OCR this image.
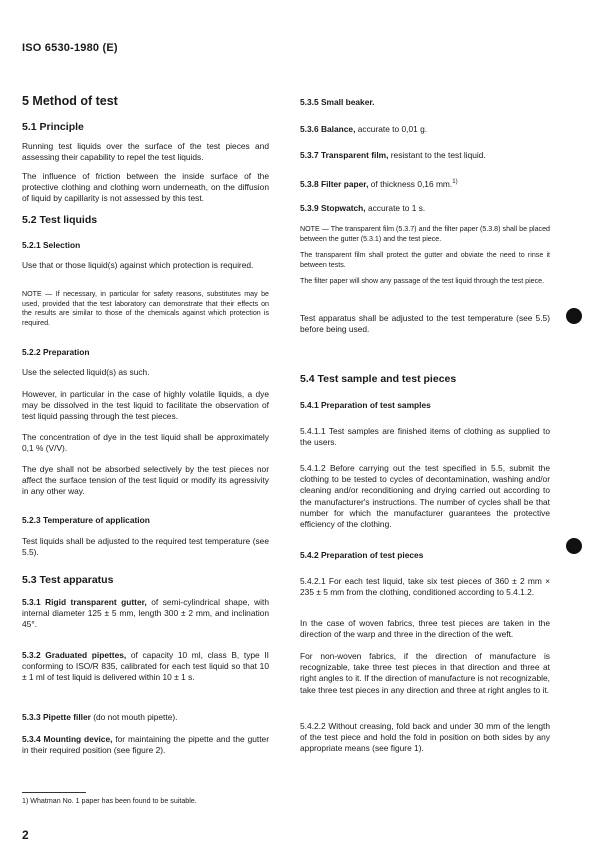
ISO 6530-1980 (E)
5 Method of test
5.1 Principle
Running test liquids over the surface of the test pieces and assessing their capability to repel the test liquids.
The influence of friction between the inside surface of the protective clothing and clothing worn underneath, on the diffusion of liquid by capillarity is not assessed by this test.
5.2 Test liquids
5.2.1 Selection
Use that or those liquid(s) against which protection is required.
NOTE — If necessary, in particular for safety reasons, substitutes may be used, provided that the test laboratory can demonstrate that their effects on the results are similar to those of the chemicals against which protection is required.
5.2.2 Preparation
Use the selected liquid(s) as such.
However, in particular in the case of highly volatile liquids, a dye may be dissolved in the test liquid to facilitate the observation of test liquid passing through the test pieces.
The concentration of dye in the test liquid shall be approximately 0,1 % (V/V).
The dye shall not be absorbed selectively by the test pieces nor affect the surface tension of the test liquid or modify its agressivity in any other way.
5.2.3 Temperature of application
Test liquids shall be adjusted to the required test temperature (see 5.5).
5.3 Test apparatus
5.3.1 Rigid transparent gutter, of semi-cylindrical shape, with internal diameter 125 ± 5 mm, length 300 ± 2 mm, and inclination 45°.
5.3.2 Graduated pipettes, of capacity 10 ml, class B, type II conforming to ISO/R 835, calibrated for each test liquid so that 10 ± 1 ml of test liquid is delivered within 10 ± 1 s.
5.3.3 Pipette filler (do not mouth pipette).
5.3.4 Mounting device, for maintaining the pipette and the gutter in their required position (see figure 2).
5.3.5 Small beaker.
5.3.6 Balance, accurate to 0,01 g.
5.3.7 Transparent film, resistant to the test liquid.
5.3.8 Filter paper, of thickness 0,16 mm.$^{1)}$
5.3.9 Stopwatch, accurate to 1 s.
NOTE — The transparent film (5.3.7) and the filter paper (5.3.8) shall be placed between the gutter (5.3.1) and the test piece.
The transparent film shall protect the gutter and obviate the need to rinse it between tests.
The filter paper will show any passage of the test liquid through the test piece.
Test apparatus shall be adjusted to the test temperature (see 5.5) before being used.
5.4 Test sample and test pieces
5.4.1 Preparation of test samples
5.4.1.1 Test samples are finished items of clothing as supplied to the users.
5.4.1.2 Before carrying out the test specified in 5.5, submit the clothing to be tested to cycles of decontamination, washing and/or cleaning and/or reconditioning and drying carried out according to the manufacturer's instructions. The number of cycles shall be that number for which the manufacturer guarantees the protective efficiency of the clothing.
5.4.2 Preparation of test pieces
5.4.2.1 For each test liquid, take six test pieces of 360 ± 2 mm × 235 ± 5 mm from the clothing, conditioned according to 5.4.1.2.
In the case of woven fabrics, three test pieces are taken in the direction of the warp and three in the direction of the weft.
For non-woven fabrics, if the direction of manufacture is recognizable, take three test pieces in that direction and three at right angles to it. If the direction of manufacture is not recognizable, take three test pieces in any direction and three at right angles to it.
5.4.2.2 Without creasing, fold back and under 30 mm of the length of the test piece and hold the fold in position on both sides by any appropriate means (see figure 1).
1) Whatman No. 1 paper has been found to be suitable.
2
